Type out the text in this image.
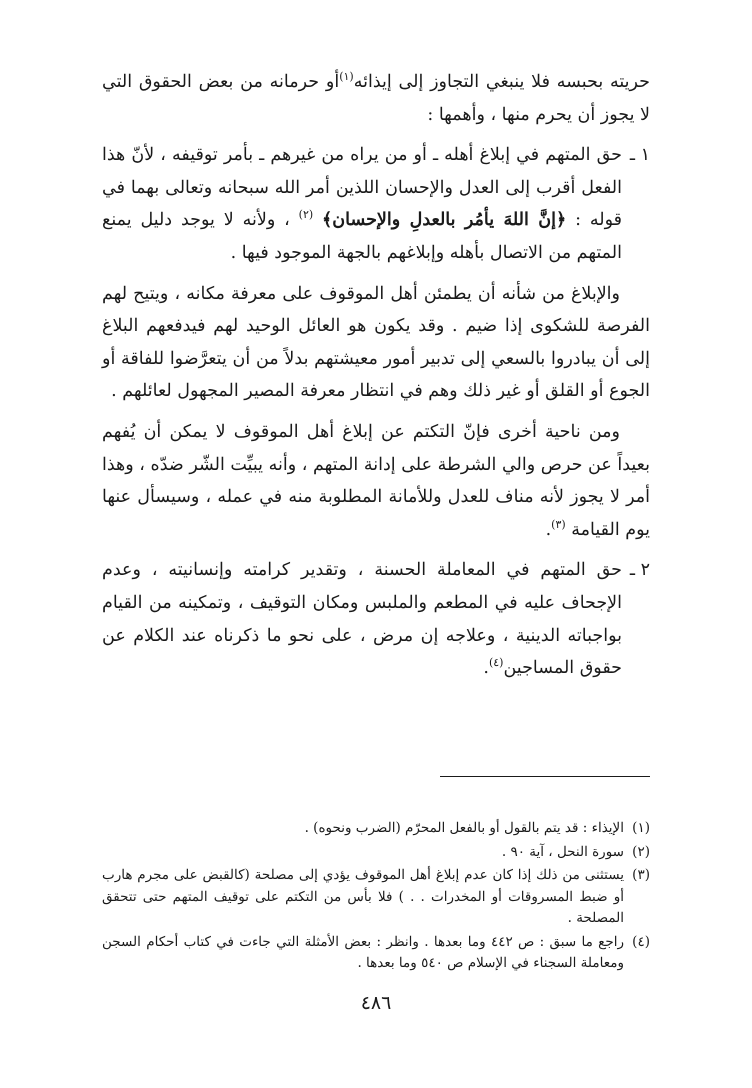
حريته بحبسه فلا ينبغي التجاوز إلى إيذائه$^{(١)}$أو حرمانه من بعض الحقوق التي لا يجوز أن يحرم منها ، وأهمها :

١ ـ
حق المتهم في إبلاغ أهله ـ أو من يراه من غيرهم ـ بأمر توقيفه ، لأنّ هذا الفعل أقرب إلى العدل والإحسان اللذين أمر الله سبحانه وتعالى بهما في قوله : ﴿إنَّ اللهَ يأمُر بالعدلِ والإحسان﴾ $^{(٢)}$ ، ولأنه لا يوجد دليل يمنع المتهم من الاتصال بأهله وإبلاغهم بالجهة الموجود فيها .

والإبلاغ من شأنه أن يطمئن أهل الموقوف على معرفة مكانه ، ويتيح لهم الفرصة للشكوى إذا ضيم . وقد يكون هو العائل الوحيد لهم فيدفعهم البلاغ إلى أن يبادروا بالسعي إلى تدبير أمور معيشتهم بدلاً من أن يتعرَّضوا للفاقة أو الجوع أو القلق أو غير ذلك وهم في انتظار معرفة المصير المجهول لعائلهم .

ومن ناحية أخرى فإنّ التكتم عن إبلاغ أهل الموقوف لا يمكن أن يُفهم بعيداً عن حرص والي الشرطة على إدانة المتهم ، وأنه يبيِّت الشّر ضدّه ، وهذا أمر لا يجوز لأنه مناف للعدل وللأمانة المطلوبة منه في عمله ، وسيسأل عنها يوم القيامة $^{(٣)}$.

٢ ـ
حق المتهم في المعاملة الحسنة ، وتقدير كرامته وإنسانيته ، وعدم الإجحاف عليه في المطعم والملبس ومكان التوقيف ، وتمكينه من القيام بواجباته الدينية ، وعلاجه إن مرض ، على نحو ما ذكرناه عند الكلام عن حقوق المساجين$^{(٤)}$.
(١)
الإيذاء : قد يتم بالقول أو بالفعل المحرّم (الضرب ونحوه) .
(٢)
سورة النحل ، آية ٩٠ .
(٣)
يستثنى من ذلك إذا كان عدم إبلاغ أهل الموقوف يؤدي إلى مصلحة (كالقبض على مجرم هارب أو ضبط المسروقات أو المخدرات . . ) فلا بأس من التكتم على توقيف المتهم حتى تتحقق المصلحة .
(٤)
راجع ما سبق : ص ٤٤٢ وما بعدها . وانظر : بعض الأمثلة التي جاءت في كتاب أحكام السجن ومعاملة السجناء في الإسلام ص ٥٤٠ وما بعدها .
٤٨٦
